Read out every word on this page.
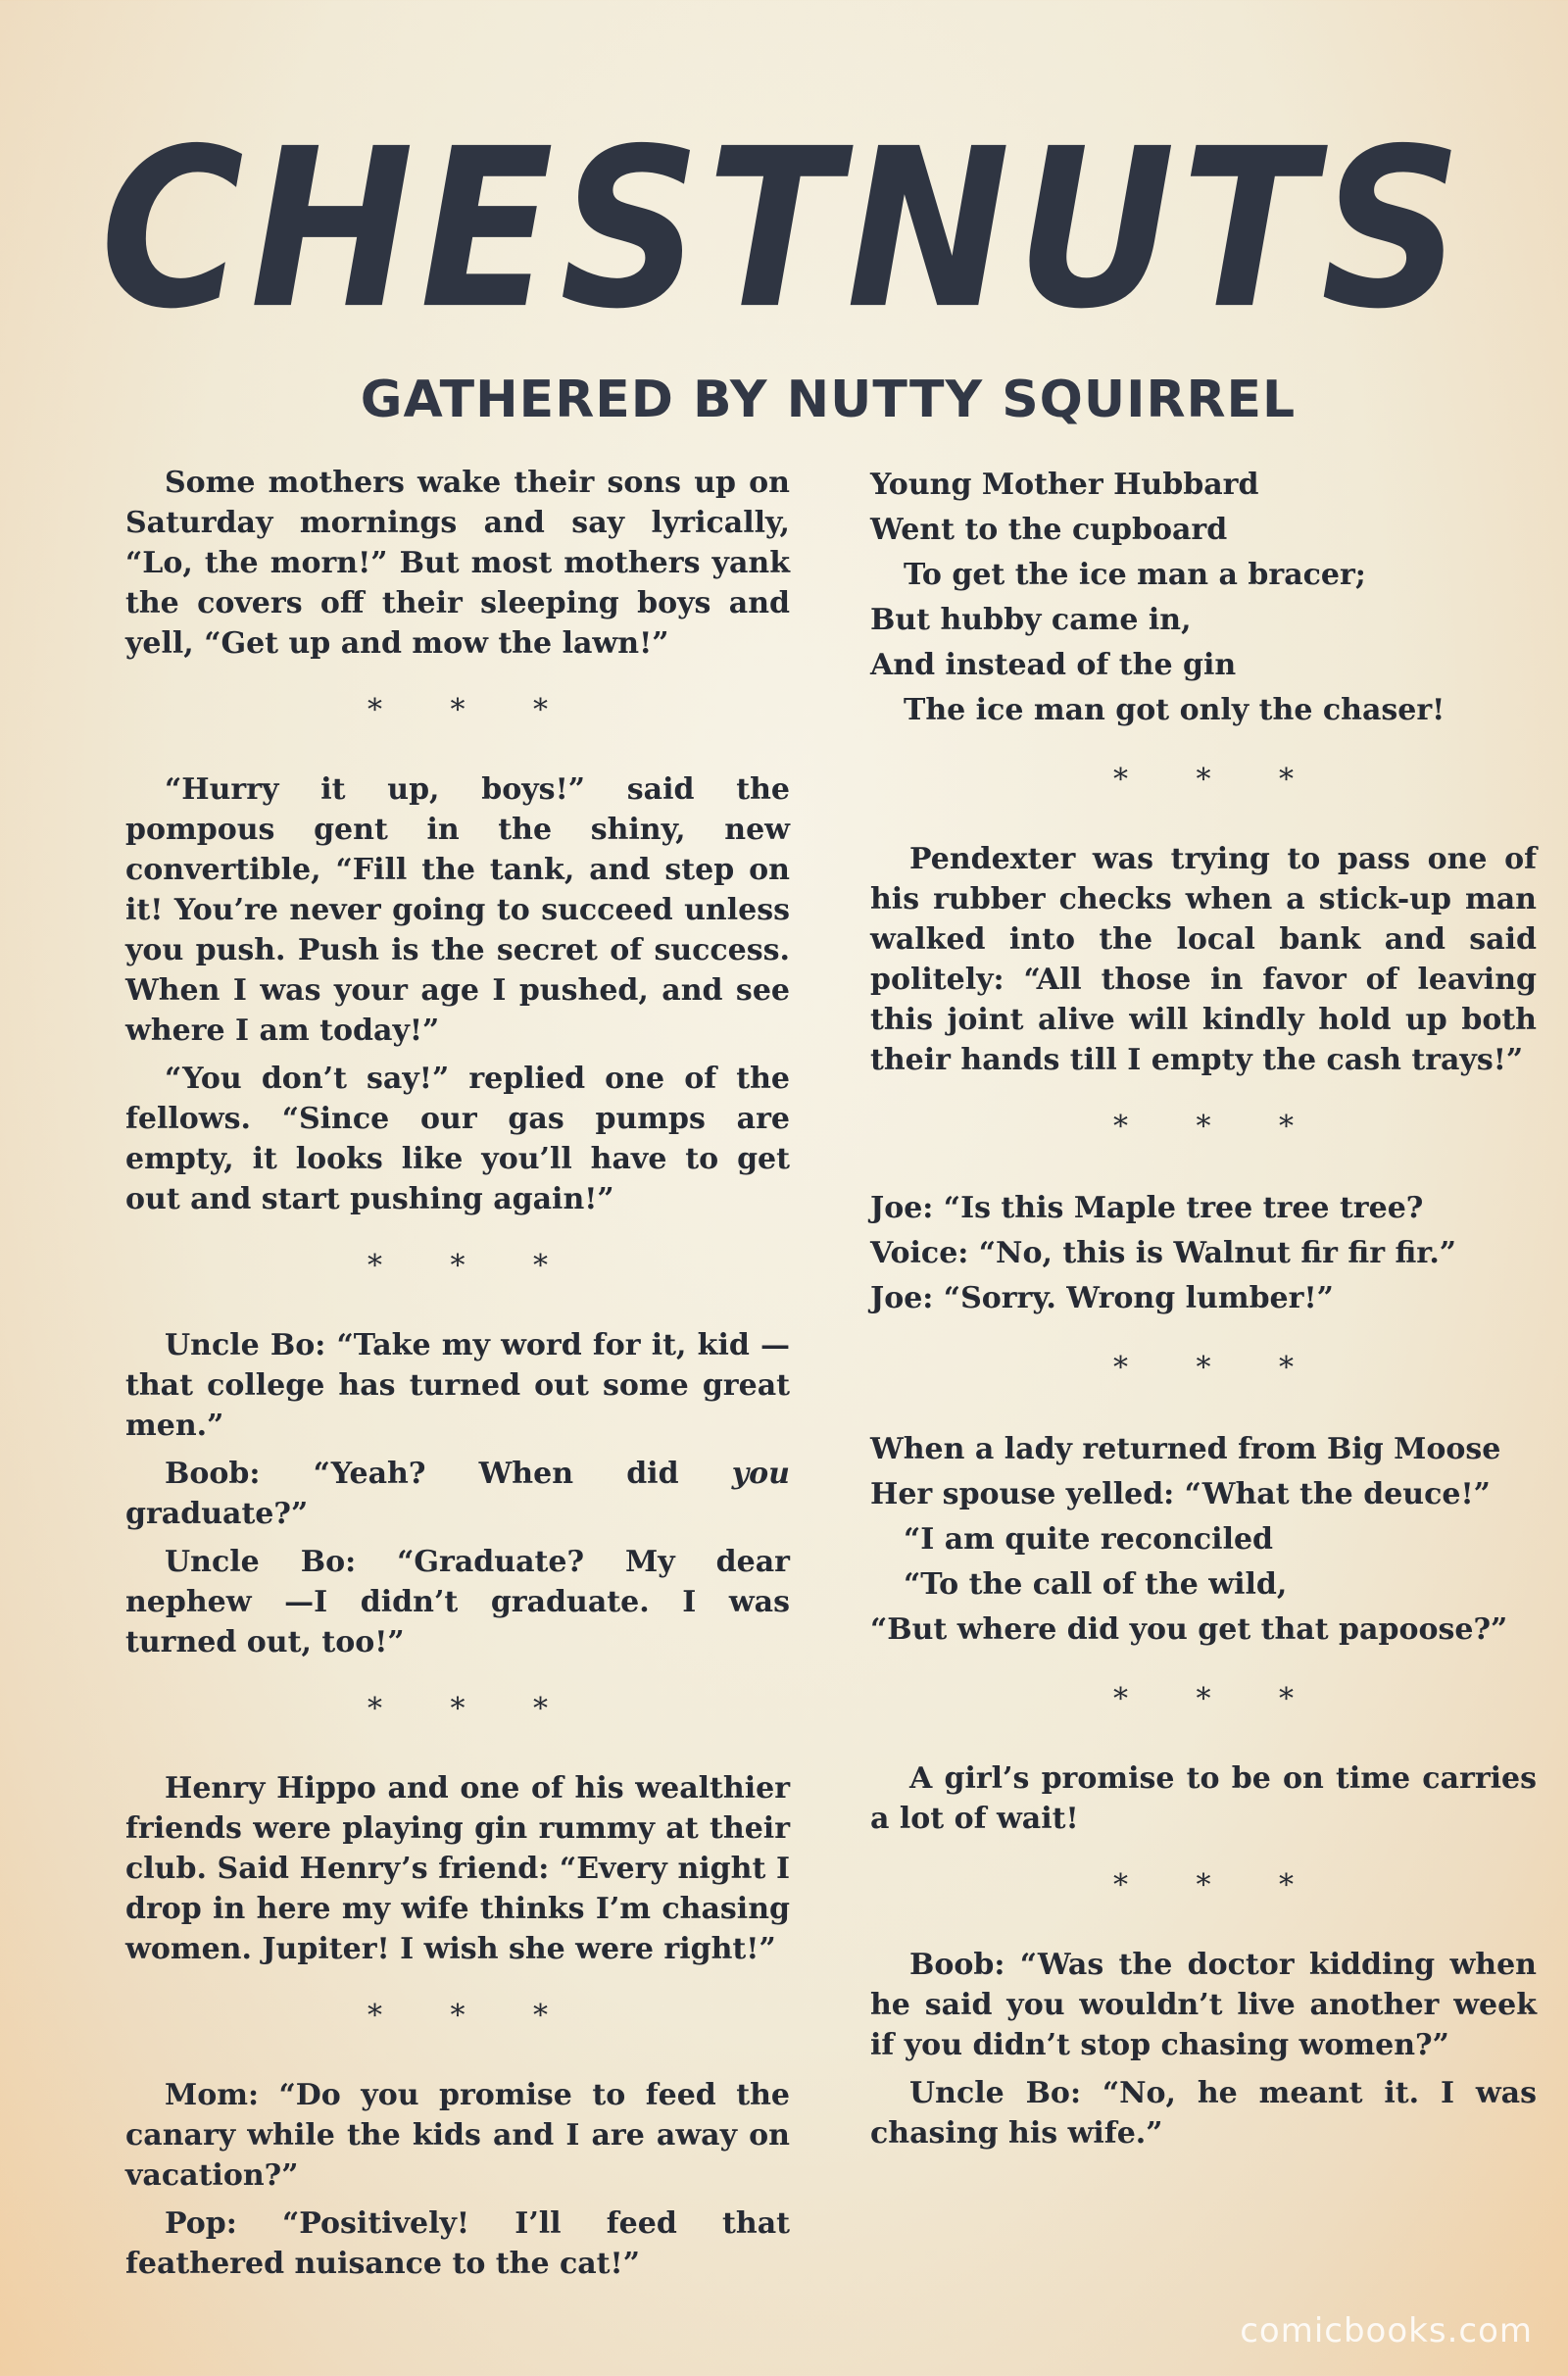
CHESTNUTS
GATHERED BY NUTTY SQUIRREL

Some mothers wake their sons up on Saturday mornings and say lyrically, “Lo, the morn!” But most mothers yank the covers off their sleeping boys and yell, “Get up and mow the lawn!”

* * *

“Hurry it up, boys!” said the pompous gent in the shiny, new convertible, “Fill the tank, and step on it! You’re never going to succeed unless you push. Push is the secret of success. When I was your age I pushed, and see where I am today!”

“You don’t say!” replied one of the fellows. “Since our gas pumps are empty, it looks like you’ll have to get out and start pushing again!”

* * *

Uncle Bo: “Take my word for it, kid —that college has turned out some great men.”

Boob: “Yeah? When did you graduate?”

Uncle Bo: “Graduate? My dear nephew —I didn’t graduate. I was turned out, too!”

* * *

Henry Hippo and one of his wealthier friends were playing gin rummy at their club. Said Henry’s friend: “Every night I drop in here my wife thinks I’m chasing women. Jupiter! I wish she were right!”

* * *

Mom: “Do you promise to feed the canary while the kids and I are away on vacation?”

Pop: “Positively! I’ll feed that feathered nuisance to the cat!”

Young Mother Hubbard
Went to the cupboard
To get the ice man a bracer;
But hubby came in,
And instead of the gin
The ice man got only the chaser!
* * *

Pendexter was trying to pass one of his rubber checks when a stick-up man walked into the local bank and said politely: “All those in favor of leaving this joint alive will kindly hold up both their hands till I empty the cash trays!”

* * *
Joe: “Is this Maple tree tree tree?
Voice: “No, this is Walnut fir fir fir.”
Joe: “Sorry. Wrong lumber!”
* * *
When a lady returned from Big Moose
Her spouse yelled: “What the deuce!”
“I am quite reconciled
“To the call of the wild,
“But where did you get that papoose?”
* * *

A girl’s promise to be on time carries a lot of wait!

* * *

Boob: “Was the doctor kidding when he said you wouldn’t live another week if you didn’t stop chasing women?”

Uncle Bo: “No, he meant it. I was chasing his wife.”

comicbooks.com
